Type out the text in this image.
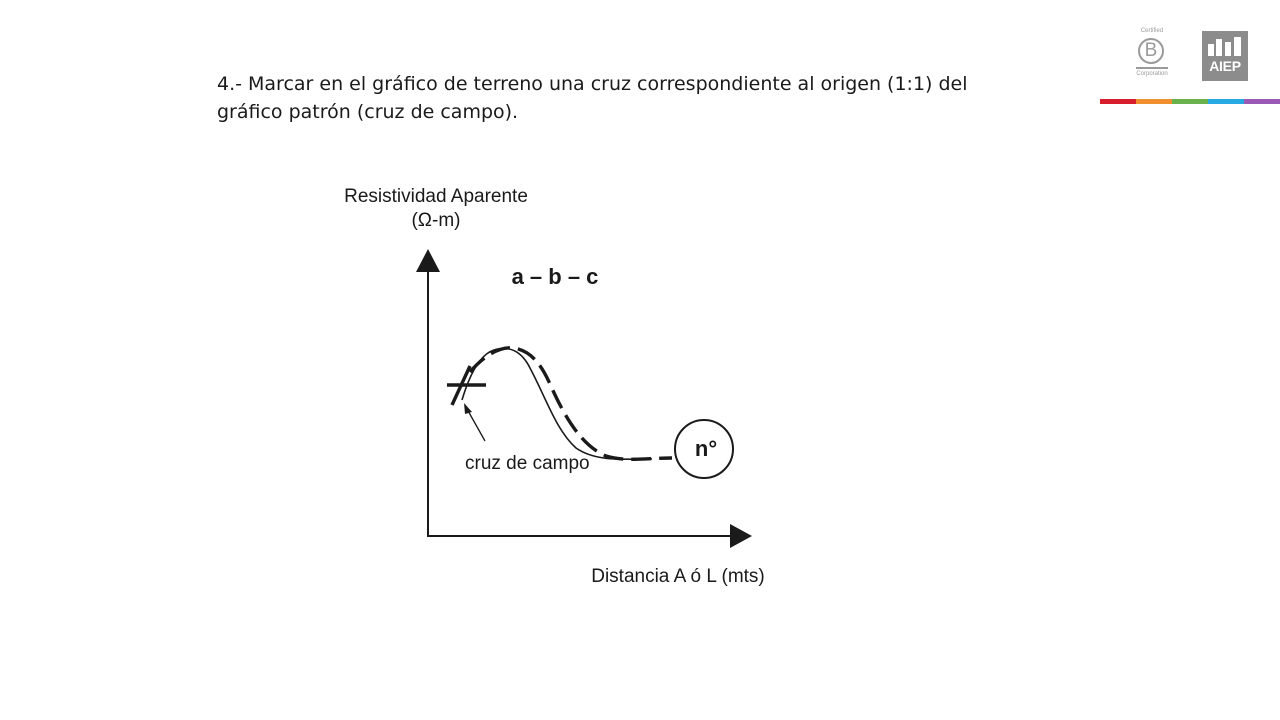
4.- Marcar en el gráfico de terreno una cruz correspondiente al origen (1:1) del
gráfico patrón (cruz de campo).

Certified
B
Corporation	AIEP
Resistividad Aparente
(Ω-m)
Distancia A ó L (mts)
a – b – c
cruz de campo
n°
